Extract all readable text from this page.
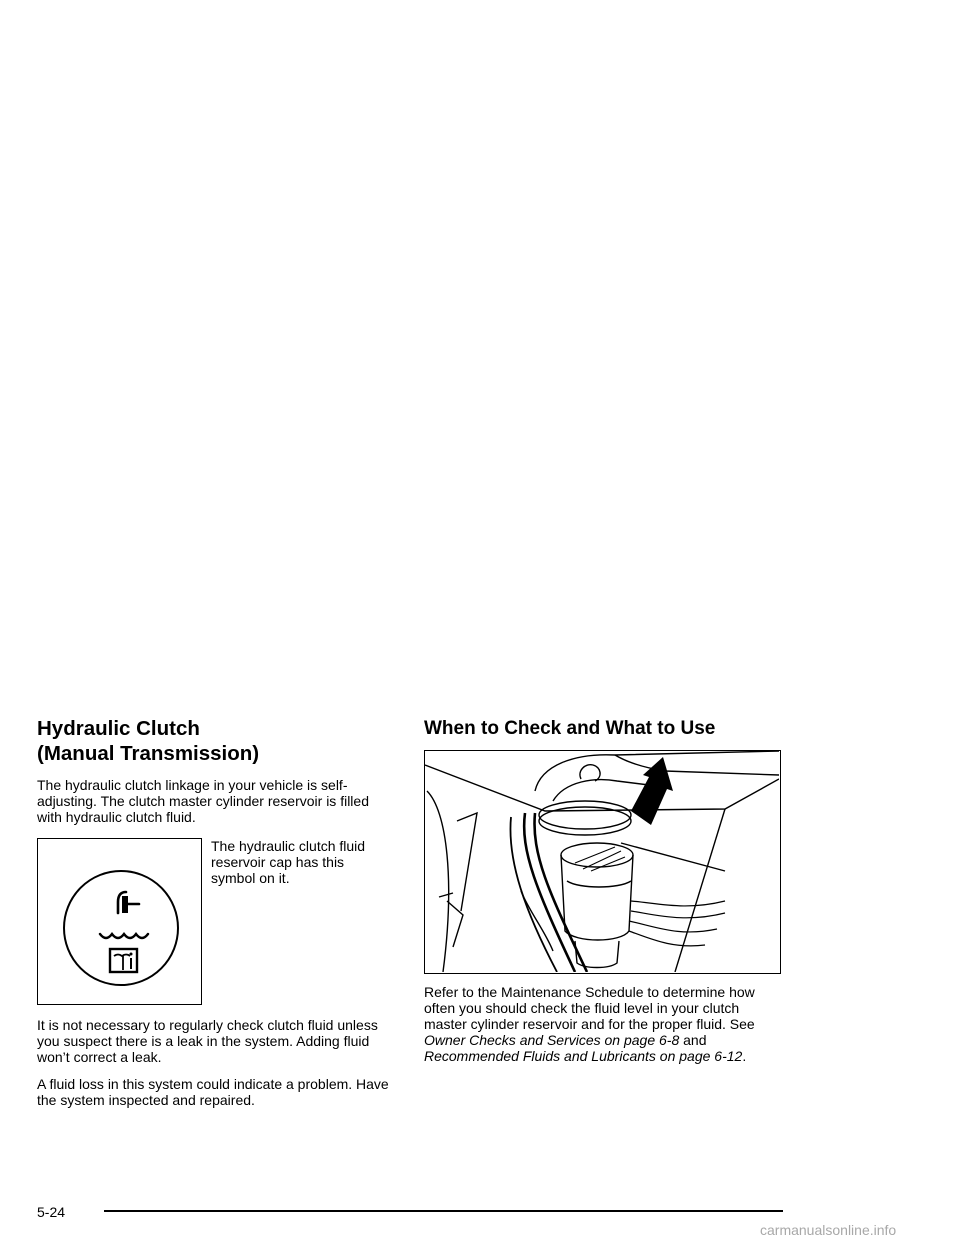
Hydraulic Clutch
(Manual Transmission)

The hydraulic clutch linkage in your vehicle is self-adjusting. The clutch master cylinder reservoir is filled with hydraulic clutch fluid.

The hydraulic clutch fluid reservoir cap has this symbol on it.

It is not necessary to regularly check clutch fluid unless you suspect there is a leak in the system. Adding fluid won’t correct a leak.

A fluid loss in this system could indicate a problem. Have the system inspected and repaired.

When to Check and What to Use

Refer to the Maintenance Schedule to determine how often you should check the fluid level in your clutch master cylinder reservoir and for the proper fluid. See Owner Checks and Services on page 6-8 and Recommended Fluids and Lubricants on page 6-12.

5-24
carmanualsonline.info
